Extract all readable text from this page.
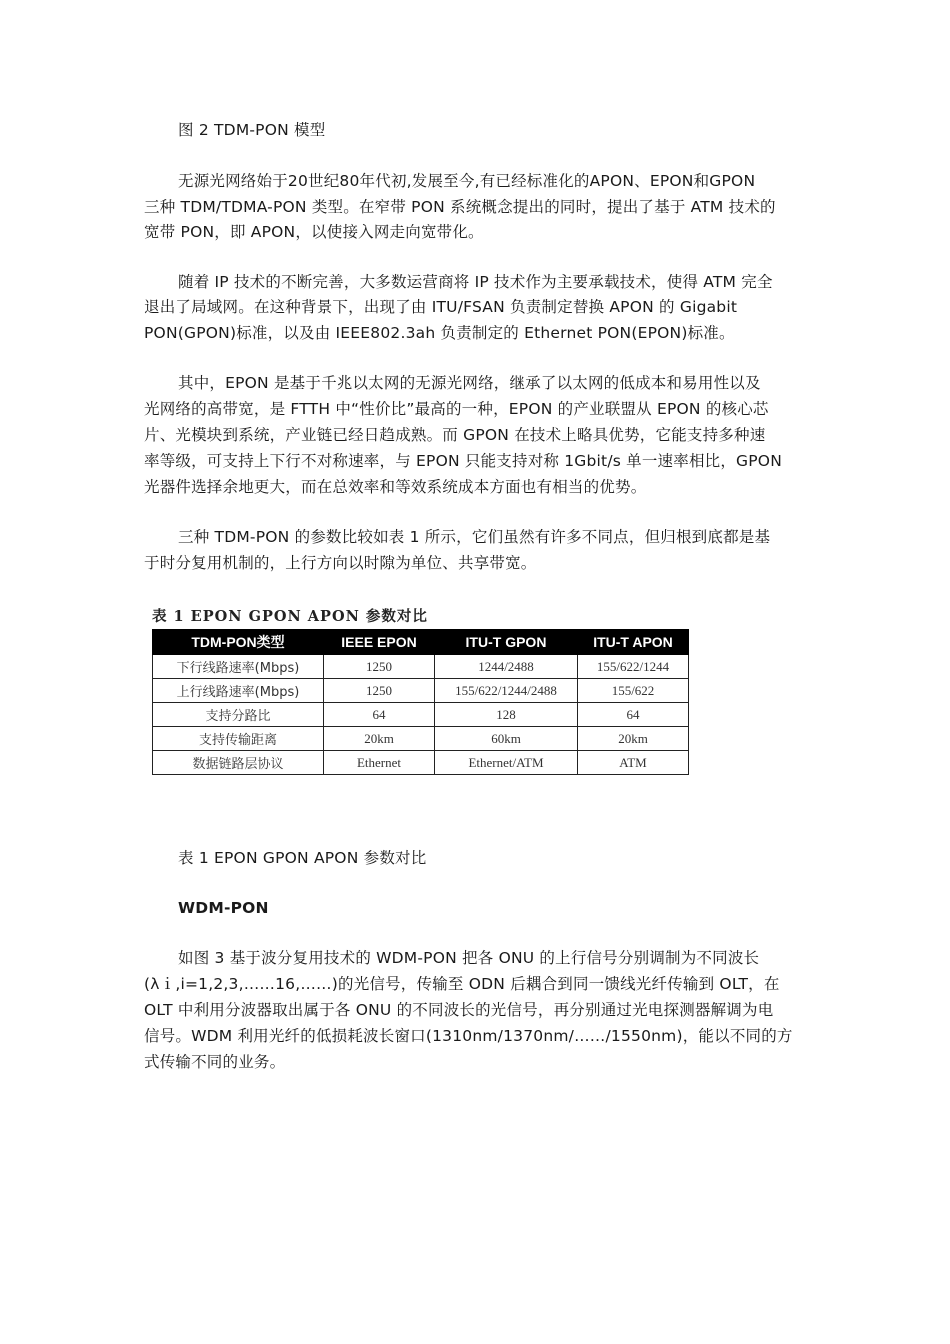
图 2 TDM-PON 模型
无源光网络始于20世纪80年代初,发展至今,有已经标准化的APON、EPON和GPON
三种 TDM/TDMA-PON 类型。在窄带 PON 系统概念提出的同时，提出了基于 ATM 技术的
宽带 PON，即 APON，以使接入网走向宽带化。
随着 IP 技术的不断完善，大多数运营商将 IP 技术作为主要承载技术，使得 ATM 完全
退出了局域网。在这种背景下，出现了由 ITU/FSAN 负责制定替换 APON 的 Gigabit
PON(GPON)标准，以及由 IEEE802.3ah 负责制定的 Ethernet PON(EPON)标准。
其中，EPON 是基于千兆以太网的无源光网络，继承了以太网的低成本和易用性以及
光网络的高带宽，是 FTTH 中“性价比”最高的一种，EPON 的产业联盟从 EPON 的核心芯
片、光模块到系统，产业链已经日趋成熟。而 GPON 在技术上略具优势，它能支持多种速
率等级，可支持上下行不对称速率，与 EPON 只能支持对称 1Gbit/s 单一速率相比，GPON
光器件选择余地更大，而在总效率和等效系统成本方面也有相当的优势。
三种 TDM-PON 的参数比较如表 1 所示，它们虽然有许多不同点，但归根到底都是基
于时分复用机制的，上行方向以时隙为单位、共享带宽。
表 1 EPON GPON APON 参数对比
TDM-PON类型	IEEE EPON	ITU-T GPON	ITU-T APON
下行线路速率(Mbps)	1250	1244/2488	155/622/1244
上行线路速率(Mbps)	1250	155/622/1244/2488	155/622
支持分路比	64	128	64
支持传输距离	20km	60km	20km
数据链路层协议	Ethernet	Ethernet/ATM	ATM
表 1 EPON GPON APON 参数对比
WDM-PON
如图 3 基于波分复用技术的 WDM-PON 把各 ONU 的上行信号分别调制为不同波长
(λｉ,i=1,2,3,……16,……)的光信号，传输至 ODN 后耦合到同一馈线光纤传输到 OLT，在
OLT 中利用分波器取出属于各 ONU 的不同波长的光信号，再分别通过光电探测器解调为电
信号。WDM 利用光纤的低损耗波长窗口(1310nm/1370nm/……/1550nm)，能以不同的方
式传输不同的业务。
